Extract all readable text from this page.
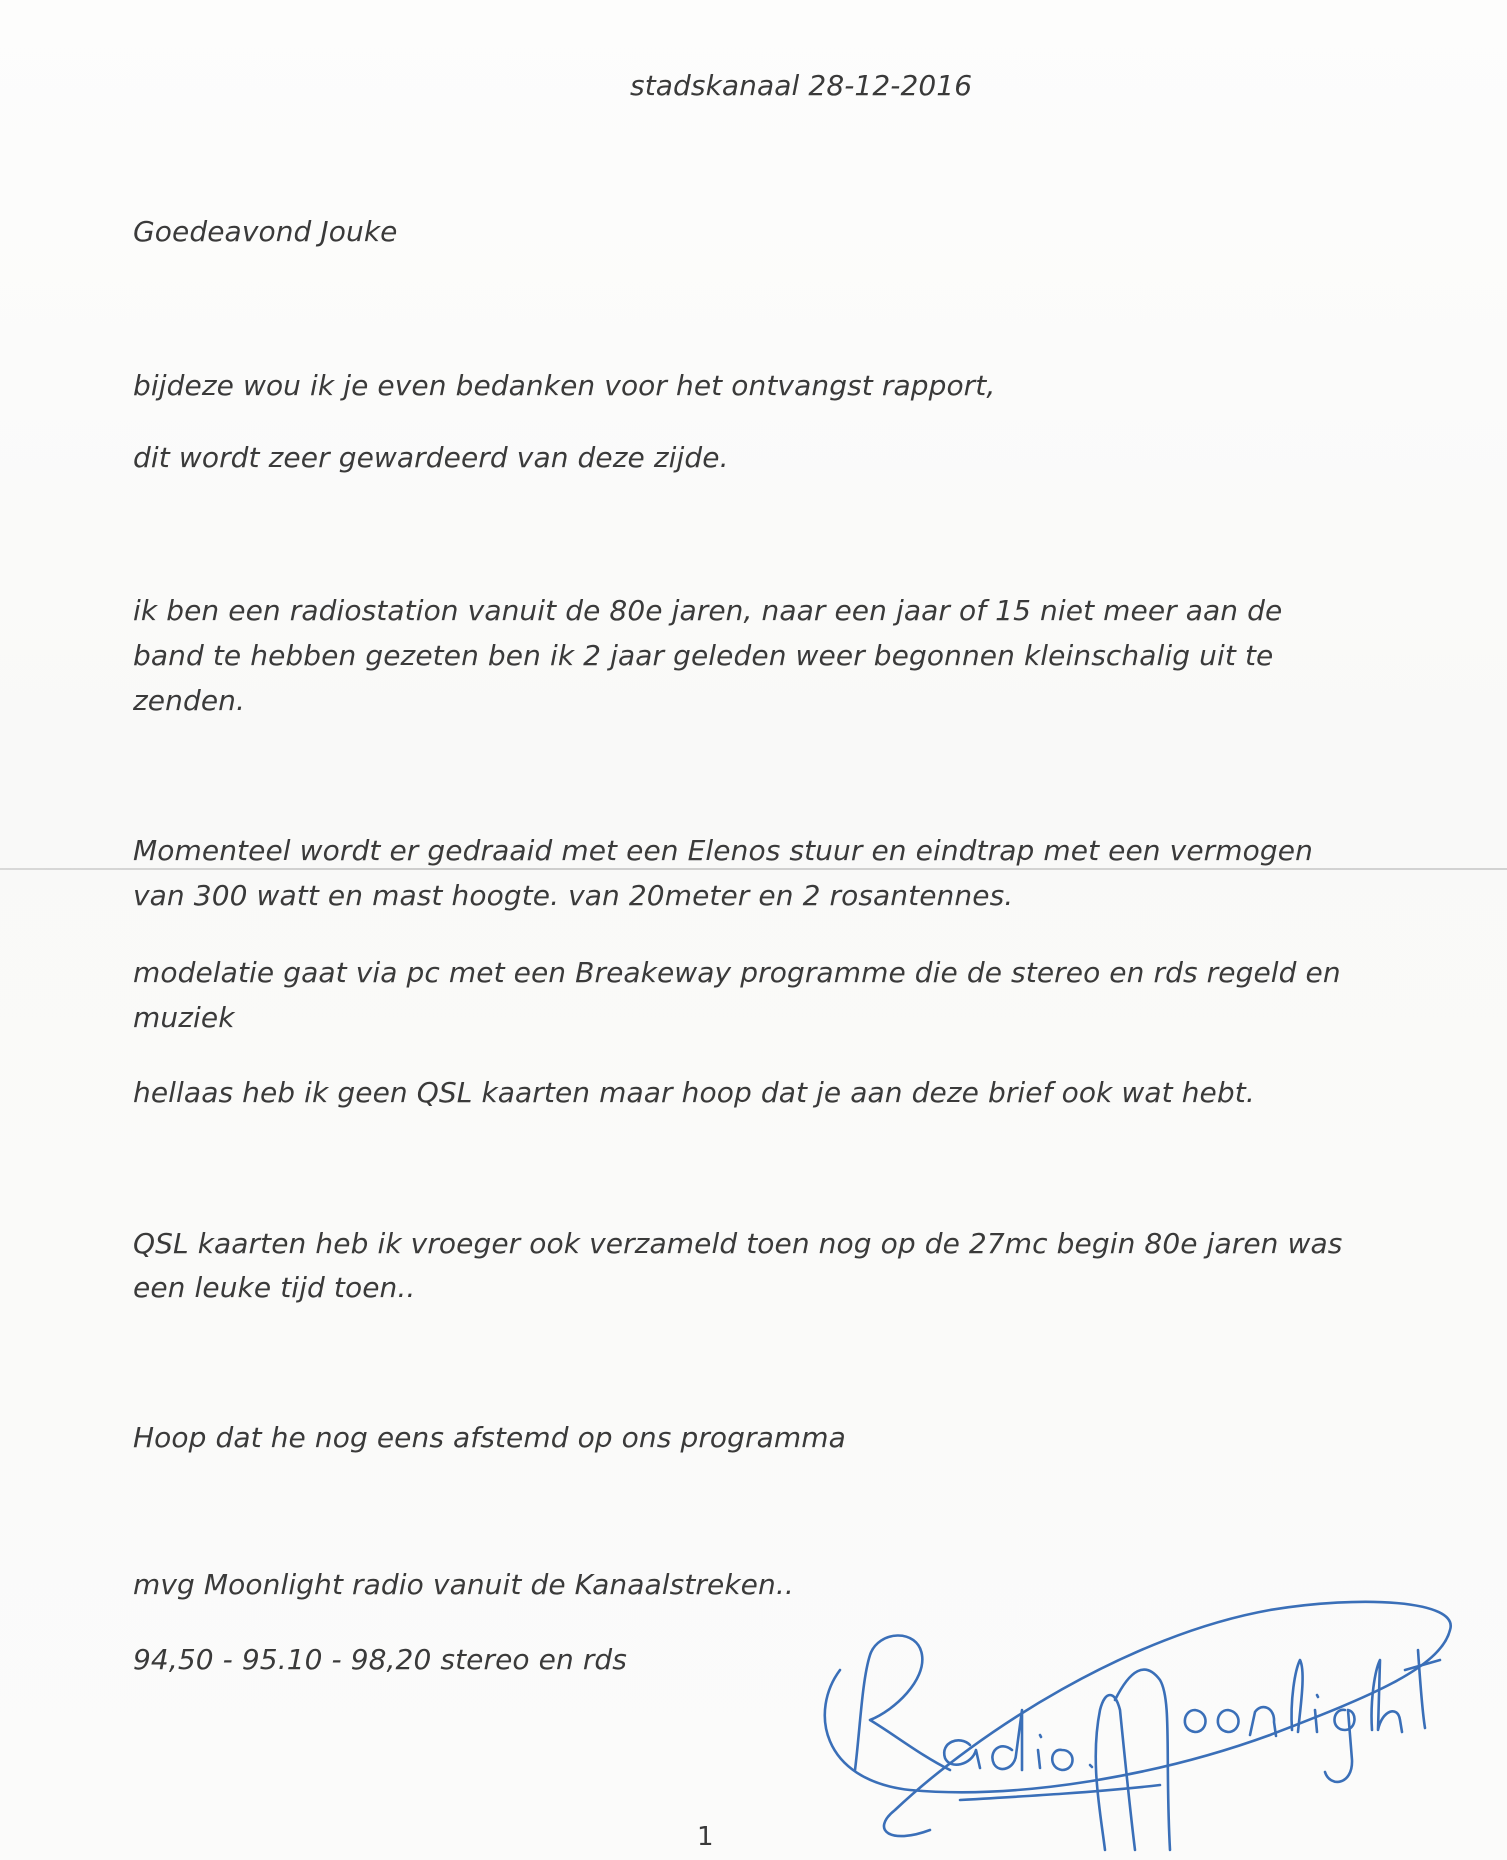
stadskanaal 28-12-2016
Goedeavond Jouke
bijdeze wou ik je even bedanken voor het ontvangst rapport,
dit wordt zeer gewardeerd van deze zijde.
ik ben een radiostation vanuit de 80e jaren, naar een jaar of 15 niet meer aan de
band te hebben gezeten ben ik 2 jaar geleden weer begonnen kleinschalig uit te
zenden.
Momenteel wordt er gedraaid met een Elenos stuur en eindtrap met een vermogen
van 300 watt en mast hoogte. van 20meter en 2 rosantennes.
modelatie gaat via pc met een Breakeway programme die de stereo en rds regeld en
muziek
hellaas heb ik geen QSL kaarten maar hoop dat je aan deze brief ook wat hebt.
QSL kaarten heb ik vroeger ook verzameld toen nog op de 27mc begin 80e jaren was
een leuke tijd toen..
Hoop dat he nog eens afstemd op ons programma
mvg Moonlight radio vanuit de Kanaalstreken..
94,50 - 95.10 - 98,20 stereo en rds
1
